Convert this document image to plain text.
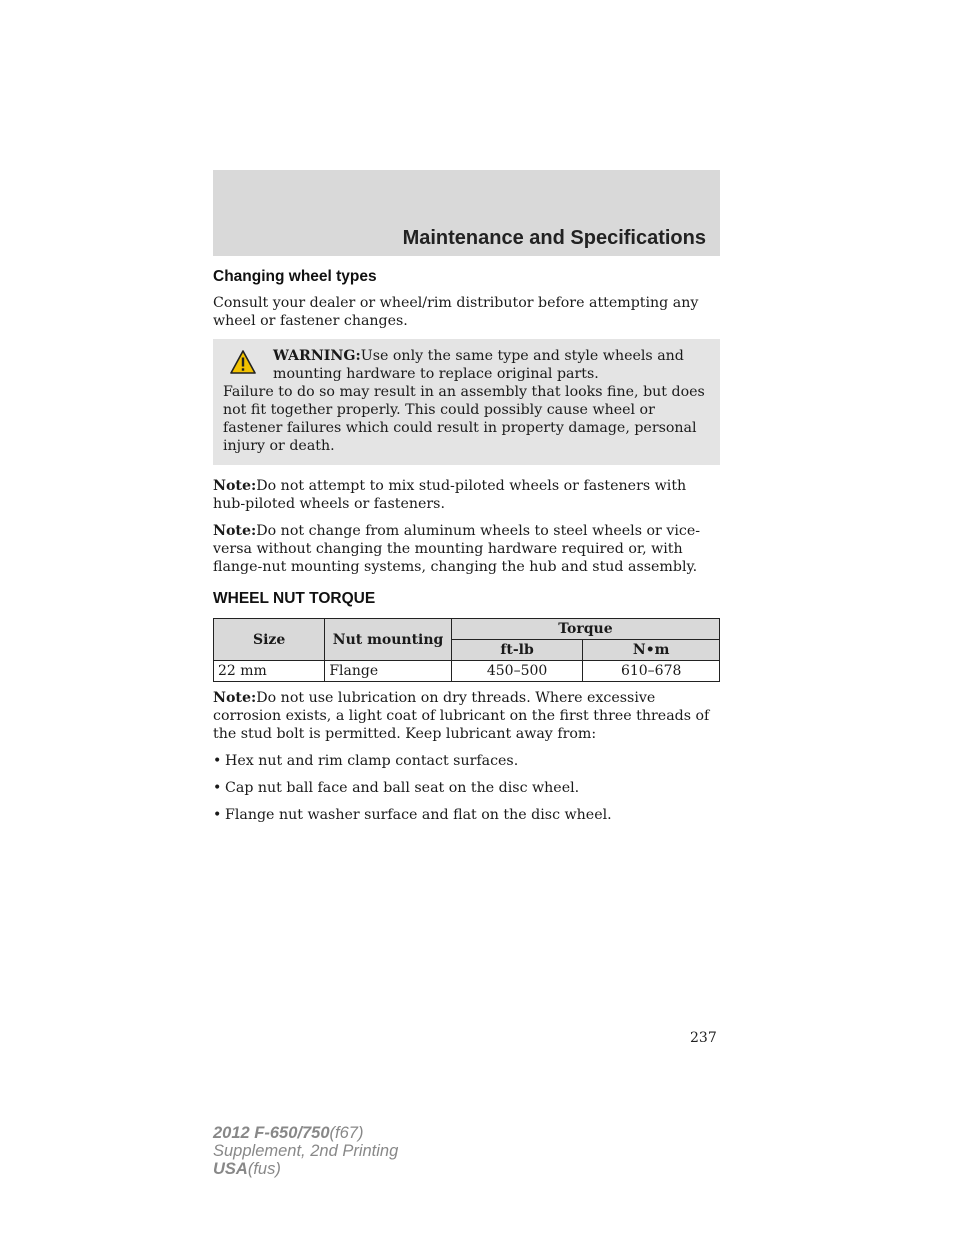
Maintenance and Specifications
Changing wheel types

Consult your dealer or wheel/rim distributor before attempting any wheel or fastener changes.

WARNING:Use only the same type and style wheels and mounting hardware to replace original parts.
Failure to do so may result in an assembly that looks fine, but does not fit together properly. This could possibly cause wheel or fastener failures which could result in property damage, personal injury or death.

Note:Do not attempt to mix stud-piloted wheels or fasteners with hub-piloted wheels or fasteners.

Note:Do not change from aluminum wheels to steel wheels or vice-versa without changing the mounting hardware required or, with flange-nut mounting systems, changing the hub and stud assembly.

WHEEL NUT TORQUE
Size	Nut mounting	Torque	
		ft-lb	N•m
22 mm	Flange	450–500	610–678

Note:Do not use lubrication on dry threads. Where excessive corrosion exists, a light coat of lubricant on the first three threads of the stud bolt is permitted. Keep lubricant away from:

• Hex nut and rim clamp contact surfaces.
• Cap nut ball face and ball seat on the disc wheel.
• Flange nut washer surface and flat on the disc wheel.
237
2012 F-650/750(f67)
Supplement, 2nd Printing
USA(fus)
